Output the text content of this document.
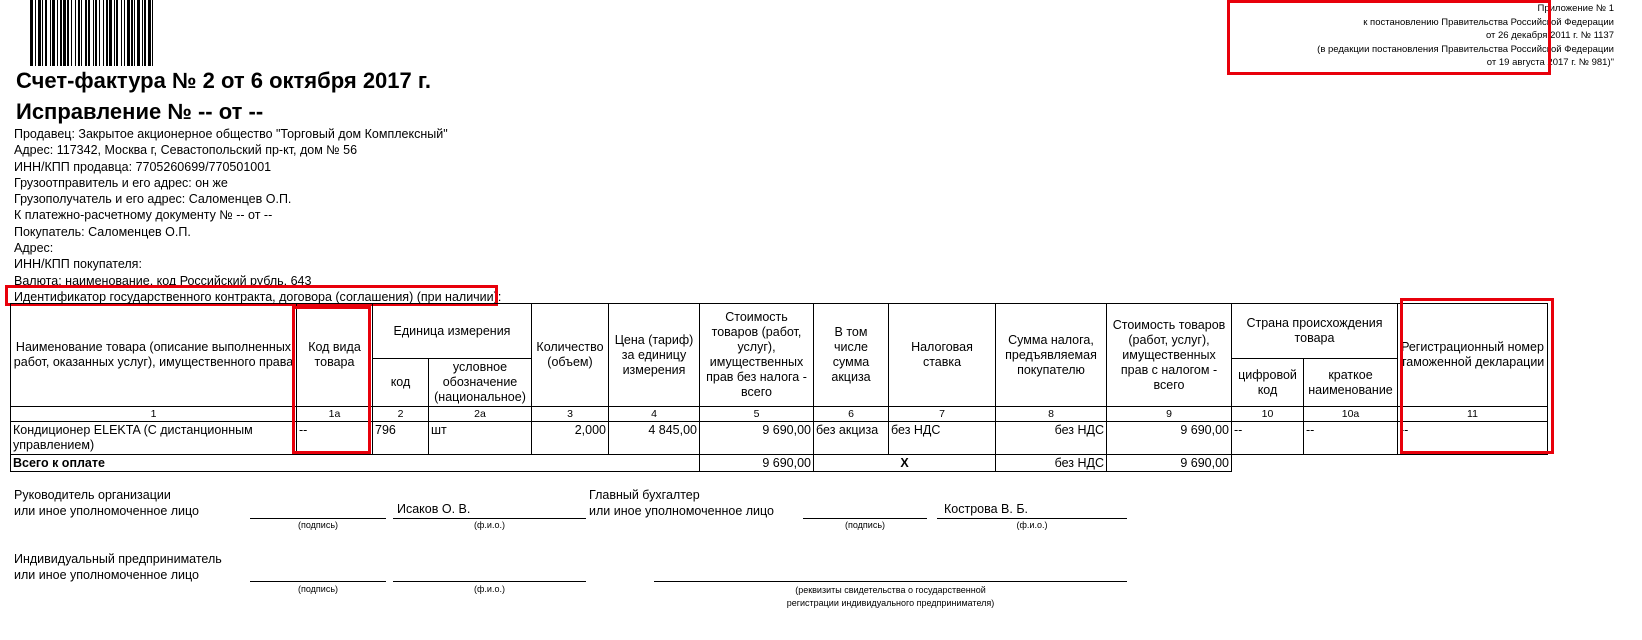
Приложение № 1
к постановлению Правительства Российской Федерации
от 26 декабря 2011 г. № 1137
(в редакции постановления Правительства Российской Федерации
от 19 августа 2017 г. № 981)"
Счет-фактура № 2 от 6 октября 2017 г.
Исправление № -- от --
Продавец: Закрытое акционерное общество "Торговый дом Комплексный"
Адрес: 117342, Москва г, Севастопольский пр-кт, дом № 56
ИНН/КПП продавца: 7705260699/770501001
Грузоотправитель и его адрес: он же
Грузополучатель и его адрес: Саломенцев О.П.
К платежно-расчетному документу № -- от --
Покупатель: Саломенцев О.П.
Адрес:
ИНН/КПП покупателя:
Валюта: наименование, код Российский рубль, 643
Идентификатор государственного контракта, договора (соглашения) (при наличии):
Наименование товара (описание выполненных работ, оказанных услуг), имущественного права	Код вида товара	Единица измерения		Количество (объем)	Цена (тариф) за единицу измерения	Стоимость товаров (работ, услуг), имущественных прав без налога - всего	В том числе сумма акциза	Налоговая ставка	Сумма налога, предъявляемая покупателю	Стоимость товаров (работ, услуг), имущественных прав с налогом - всего	Страна происхождения товара		Регистрационный номер таможенной декларации
		код	условное обозначение (национальное)								цифровой код	краткое наименование	
1	1а	2	2а	3	4	5	6	7	8	9	10	10а	11
Кондиционер ELEKTA (С дистанционным управлением)	--	796	шт	2,000	4 845,00	9 690,00	без акциза	без НДС	без НДС	9 690,00	--	--	--
Всего к оплате						9 690,00	X		без НДС	9 690,00			
Руководитель организации
или иное уполномоченное лицо
(подпись)
Исаков О. В.
(ф.и.о.)
Главный бухгалтер
или иное уполномоченное лицо
(подпись)
Кострова В. Б.
(ф.и.о.)
Индивидуальный предприниматель
или иное уполномоченное лицо
(подпись)	(ф.и.о.)	(реквизиты свидетельства о государственной
регистрации индивидуального предпринимателя)
